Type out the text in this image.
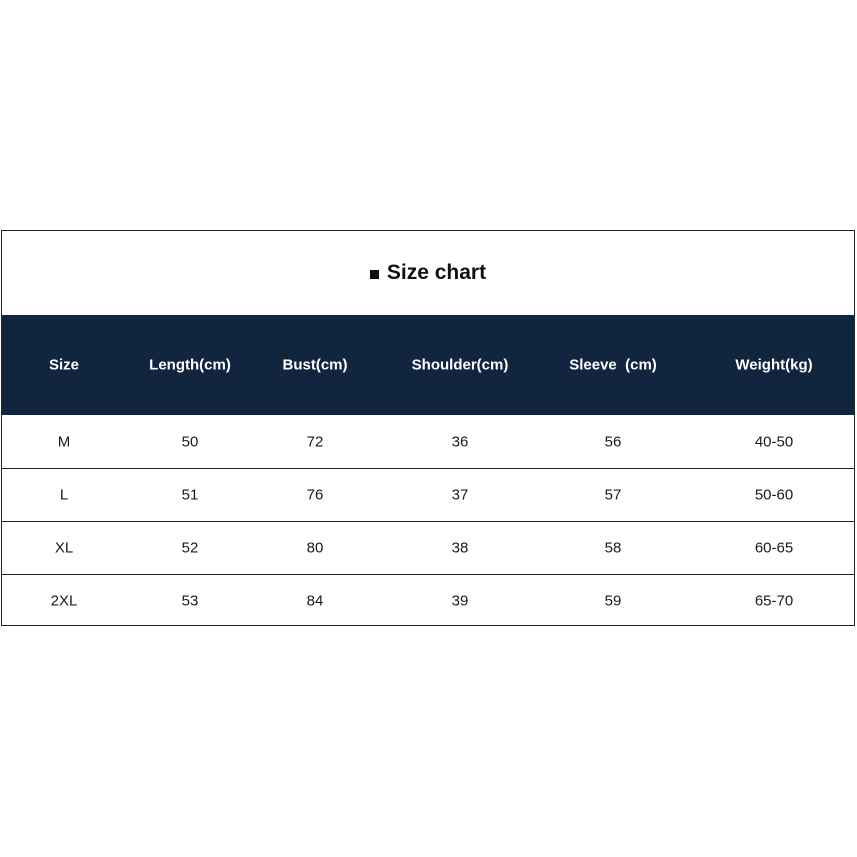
Size chart
Size	Length(cm)	Bust(cm)	Shoulder(cm)	Sleeve  (cm)	Weight(kg)
M	50	72	36	56	40-50
L	51	76	37	57	50-60
XL	52	80	38	58	60-65
2XL	53	84	39	59	65-70
